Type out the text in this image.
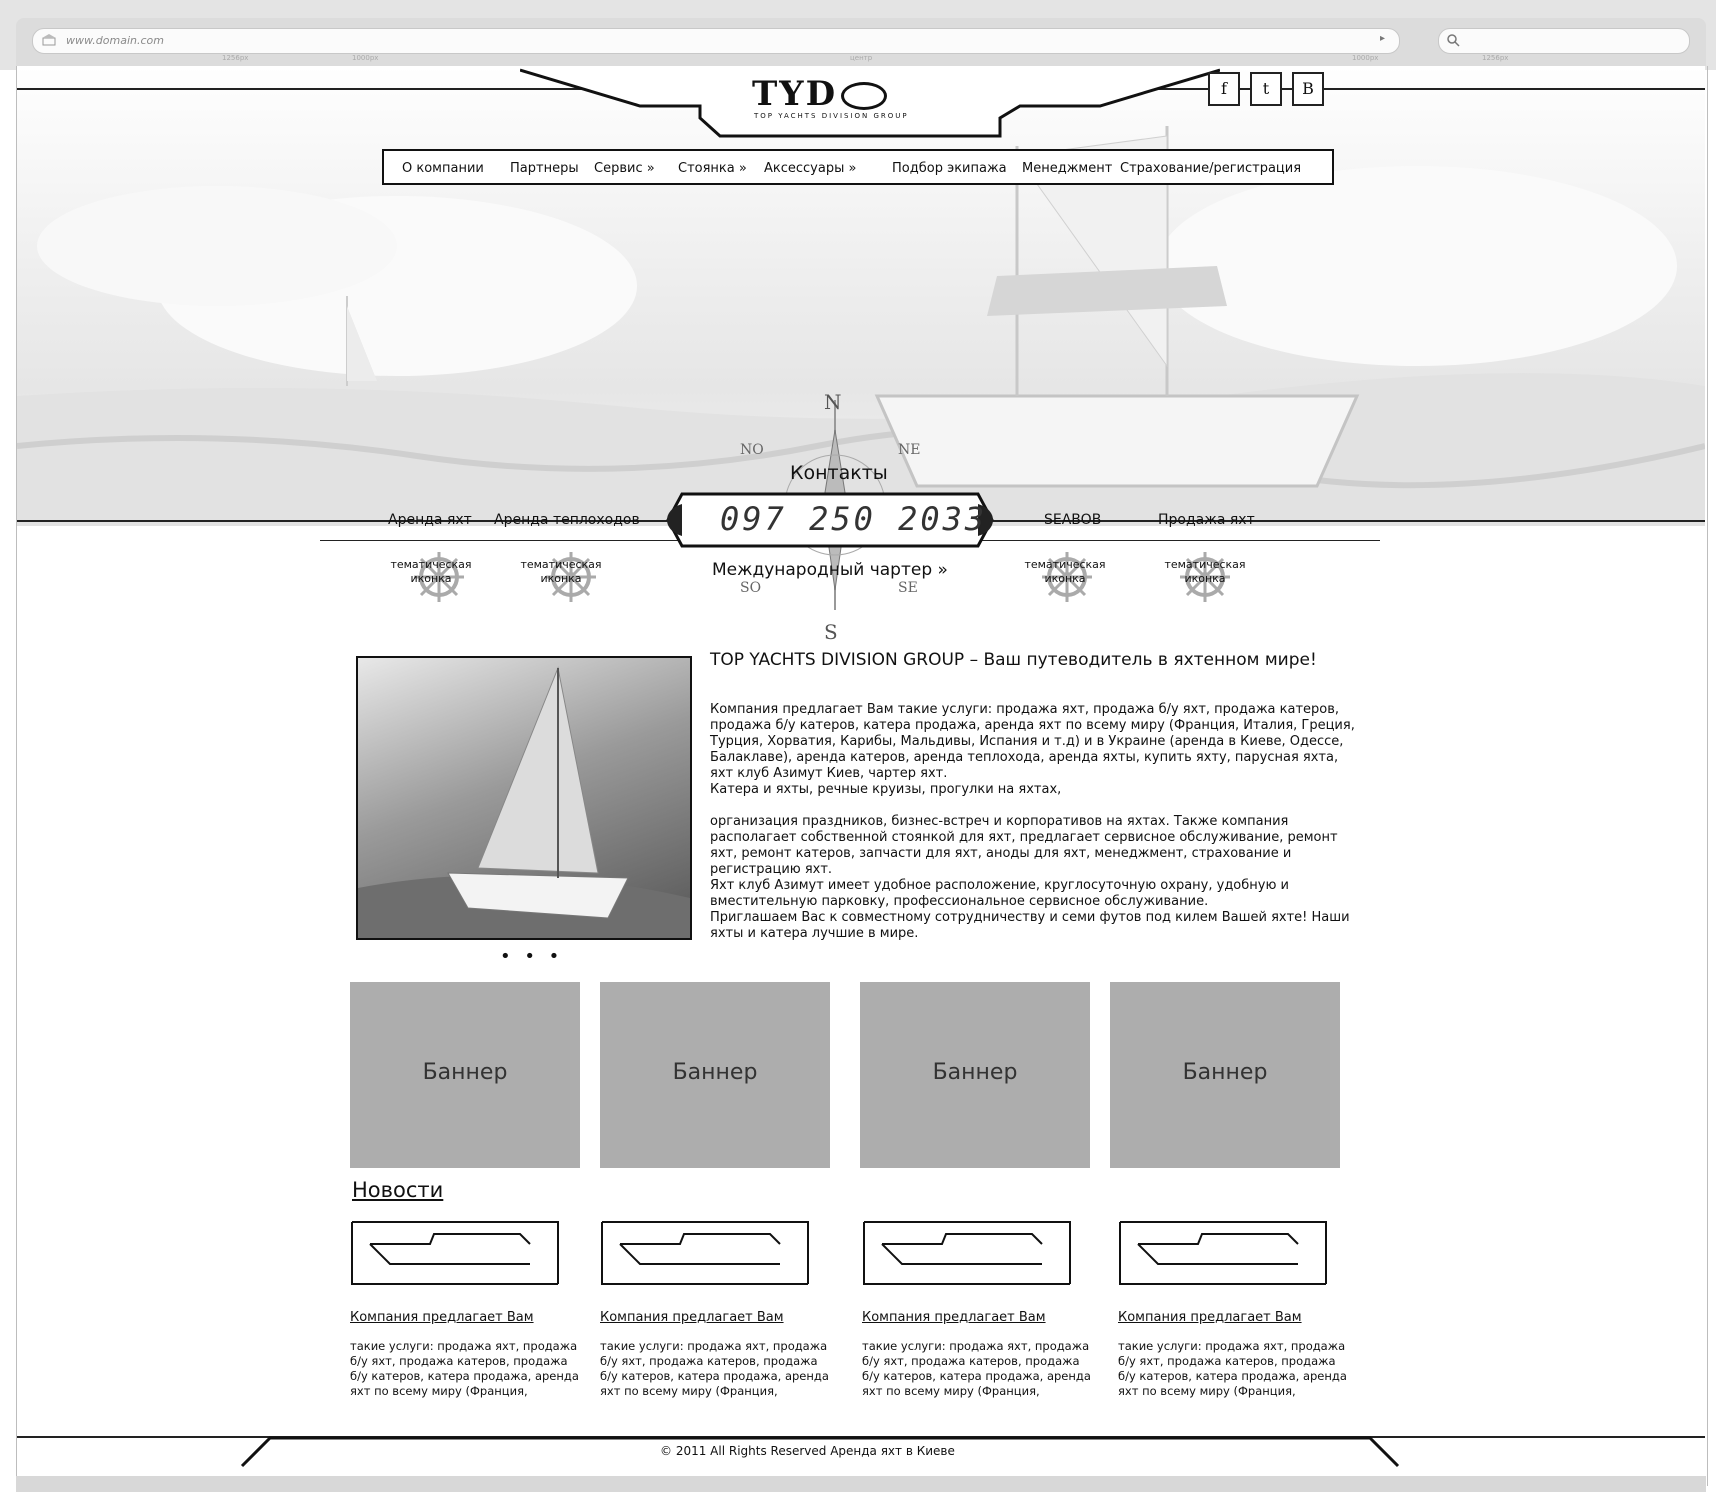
www.domain.com	▸
1256px	1000px	центр	1000px	1256px
TYD
TOP YACHTS DIVISION GROUP
f	t	B
О компании Партнеры Сервис » Стоянка » Аксессуары »	Подбор экипажа Менеджмент Страхование/регистрация
N
NO	NE
SO	SE
S
Контакты
097 250 2033
Международный чартер »
Аренда яхт Аренда теплоходов	SEABOB	Продажа яхт
тематическая иконка
тематическая иконка
тематическая иконка
тематическая иконка
• • •
TOP YACHTS DIVISION GROUP – Ваш путеводитель в яхтенном мире!

Компания предлагает Вам такие услуги: продажа яхт, продажа б/у яхт, продажа катеров, продажа б/у катеров, катера продажа, аренда яхт по всему миру (Франция, Италия, Греция, Турция, Хорватия, Карибы, Мальдивы, Испания и т.д) и в Украине (аренда в Киеве, Одессе, Балаклаве), аренда катеров, аренда теплохода, аренда яхты, купить яхту, парусная яхта, яхт клуб Азимут Киев, чартер яхт.

Катера и яхты, речные круизы, прогулки на яхтах,

организация праздников, бизнес-встреч и корпоративов на яхтах. Также компания располагает собственной стоянкой для яхт, предлагает сервисное обслуживание, ремонт яхт, ремонт катеров, запчасти для яхт, аноды для яхт, менеджмент, страхование и регистрацию яхт.

Яхт клуб Азимут имеет удобное расположение, круглосуточную охрану, удобную и вместительную парковку, профессиональное сервисное обслуживание.

Приглашаем Вас к совместному сотрудничеству и семи футов под килем Вашей яхте! Наши яхты и катера лучшие в мире.

Баннер	Баннер	Баннер	Баннер
Новости
Компания предлагает Вам
такие услуги: продажа яхт, продажа б/у яхт, продажа катеров, продажа б/у катеров, катера продажа, аренда яхт по всему миру (Франция,
Компания предлагает Вам
такие услуги: продажа яхт, продажа б/у яхт, продажа катеров, продажа б/у катеров, катера продажа, аренда яхт по всему миру (Франция,
Компания предлагает Вам
такие услуги: продажа яхт, продажа б/у яхт, продажа катеров, продажа б/у катеров, катера продажа, аренда яхт по всему миру (Франция,
Компания предлагает Вам
такие услуги: продажа яхт, продажа б/у яхт, продажа катеров, продажа б/у катеров, катера продажа, аренда яхт по всему миру (Франция,
© 2011 All Rights Reserved Аренда яхт в Киеве
